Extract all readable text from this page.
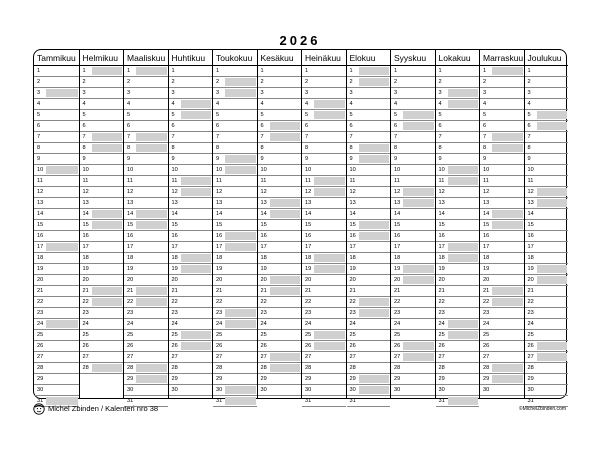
2026
Tammikuu
1
2
3
4
5
6
7
8
9
10
11
12
13
14
15
16
17
18
19
20
21
22
23
24
25
26
27
28
29
30
31
Helmikuu
1
2
3
4
5
6
7
8
9
10
11
12
13
14
15
16
17
18
19
20
21
22
23
24
25
26
27
28
Maaliskuu
1
2
3
4
5
6
7
8
9
10
11
12
13
14
15
16
17
18
19
20
21
22
23
24
25
26
27
28
29
30
31
Huhtikuu
1
2
3
4
5
6
7
8
9
10
11
12
13
14
15
16
17
18
19
20
21
22
23
24
25
26
27
28
29
30
Toukokuu
1
2
3
4
5
6
7
8
9
10
11
12
13
14
15
16
17
18
19
20
21
22
23
24
25
26
27
28
29
30
31
Kesäkuu
1
2
3
4
5
6
7
8
9
10
11
12
13
14
15
16
17
18
19
20
21
22
23
24
25
26
27
28
29
30
Heinäkuu
1
2
3
4
5
6
7
8
9
10
11
12
13
14
15
16
17
18
19
20
21
22
23
24
25
26
27
28
29
30
31
Elokuu
1
2
3
4
5
6
7
8
9
10
11
12
13
14
15
16
17
18
19
20
21
22
23
24
25
26
27
28
29
30
31
Syyskuu
1
2
3
4
5
6
7
8
9
10
11
12
13
14
15
16
17
18
19
20
21
22
23
24
25
26
27
28
29
30
Lokakuu
1
2
3
4
5
6
7
8
9
10
11
12
13
14
15
16
17
18
19
20
21
22
23
24
25
26
27
28
29
30
31
Marraskuu
1
2
3
4
5
6
7
8
9
10
11
12
13
14
15
16
17
18
19
20
21
22
23
24
25
26
27
28
29
30
Joulukuu
1
2
3
4
5
6
7
8
9
10
11
12
13
14
15
16
17
18
19
20
21
22
23
24
25
26
27
28
29
30
31
Michel Zbinden / Kalenteri nro 38	©MichelZbinden.com
